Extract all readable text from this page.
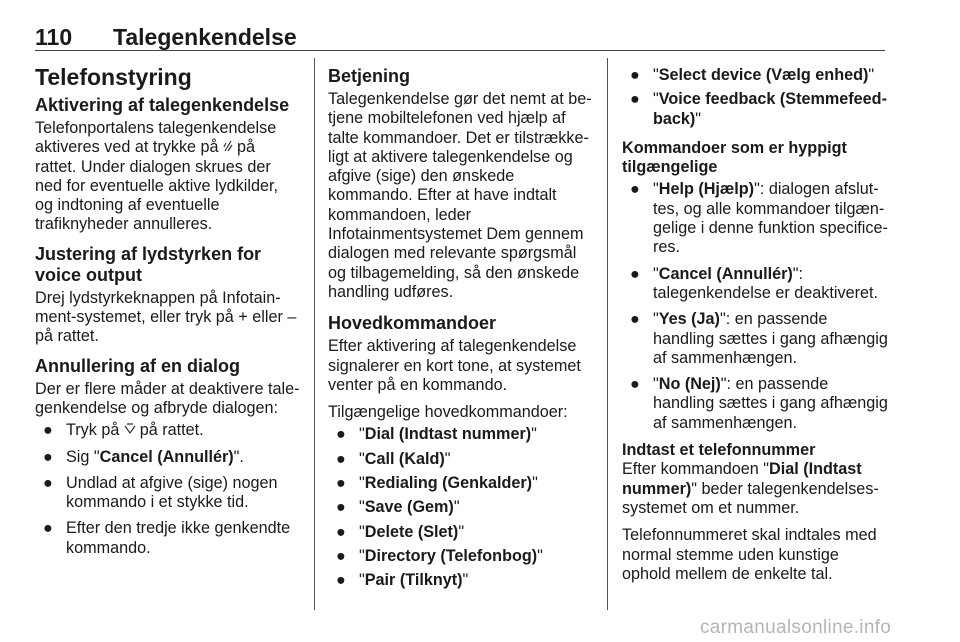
110 Talegenkendelse
Telefonstyring
Aktivering af talegenkendelse
Telefonportalens talegenkendelse aktiveres ved at trykke på på rattet. Under dialogen skrues der ned for eventuelle aktive lydkilder, og indtoning af eventuelle trafiknyheder annulleres.
Justering af lydstyrken for voice output
Drej lydstyrkeknappen på Infotainment-systemet, eller tryk på + eller – på rattet.
Annullering af en dialog
Der er flere måder at deaktivere talegenkendelse og afbryde dialogen:
● Tryk på på rattet.
● Sig "Cancel (Annullér)".
● Undlad at afgive (sige) nogen kommando i et stykke tid.
● Efter den tredje ikke genkendte kommando.
Betjening
Talegenkendelse gør det nemt at betjene mobiltelefonen ved hjælp af talte kommandoer. Det er tilstrækkeligt at aktivere talegenkendelse og afgive (sige) den ønskede kommando. Efter at have indtalt kommandoen, leder Infotainmentsystemet Dem gennem dialogen med relevante spørgsmål og tilbagemelding, så den ønskede handling udføres.
Hovedkommandoer
Efter aktivering af talegenkendelse signalerer en kort tone, at systemet venter på en kommando.
Tilgængelige hovedkommandoer:
● "Dial (Indtast nummer)"
● "Call (Kald)"
● "Redialing (Genkalder)"
● "Save (Gem)"
● "Delete (Slet)"
● "Directory (Telefonbog)"
● "Pair (Tilknyt)"
● "Select device (Vælg enhed)"
● "Voice feedback (Stemmefeedback)"
Kommandoer som er hyppigt tilgængelige
● "Help (Hjælp)": dialogen afsluttes, og alle kommandoer tilgængelige i denne funktion specificeres.
● "Cancel (Annullér)": talegenkendelse er deaktiveret.
● "Yes (Ja)": en passende handling sættes i gang afhængig af sammenhængen.
● "No (Nej)": en passende handling sættes i gang afhængig af sammenhængen.
Indtast et telefonnummer
Efter kommandoen "Dial (Indtast nummer)" beder talegenkendelsessystemet om et nummer.
Telefonnummeret skal indtales med normal stemme uden kunstige ophold mellem de enkelte tal.
carmanualsonline.info
